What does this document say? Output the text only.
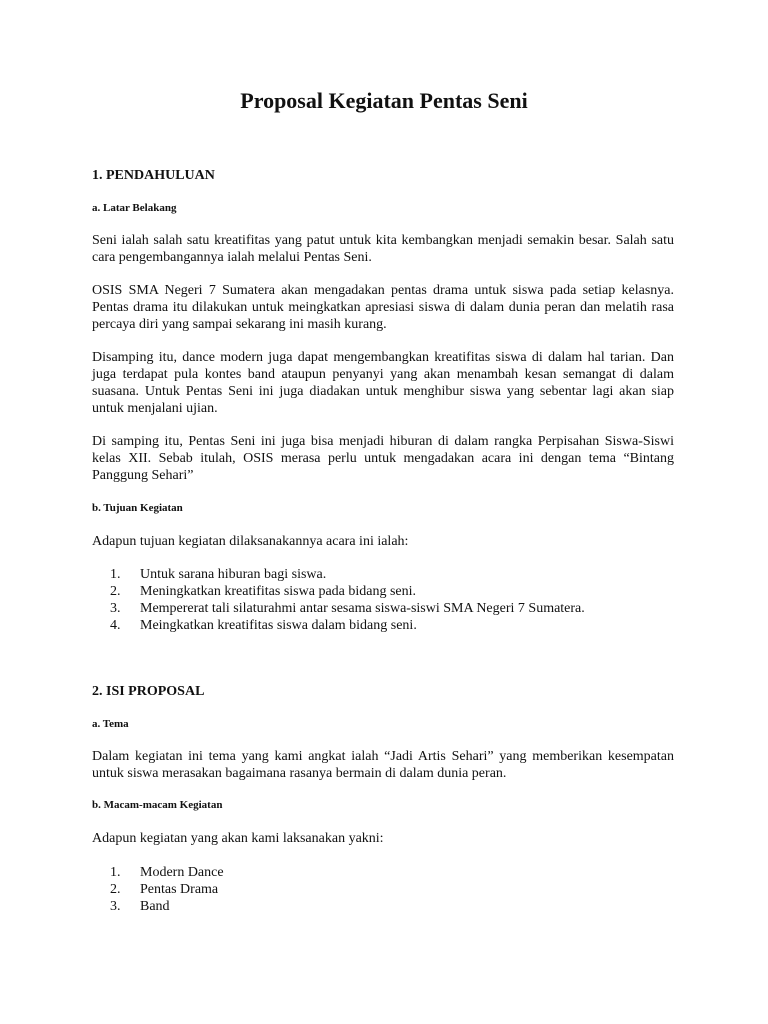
Proposal Kegiatan Pentas Seni
1. PENDAHULUAN
a. Latar Belakang

Seni ialah salah satu kreatifitas yang patut untuk kita kembangkan menjadi semakin besar. Salah satu cara pengembangannya ialah melalui Pentas Seni.

OSIS SMA Negeri 7 Sumatera akan mengadakan pentas drama untuk siswa pada setiap kelasnya. Pentas drama itu dilakukan untuk meingkatkan apresiasi siswa di dalam dunia peran dan melatih rasa percaya diri yang sampai sekarang ini masih kurang.

Disamping itu, dance modern juga dapat mengembangkan kreatifitas siswa di dalam hal tarian. Dan juga terdapat pula kontes band ataupun penyanyi yang akan menambah kesan semangat di dalam suasana. Untuk Pentas Seni ini juga diadakan untuk menghibur siswa yang sebentar lagi akan siap untuk menjalani ujian.

Di samping itu, Pentas Seni ini juga bisa menjadi hiburan di dalam rangka Perpisahan Siswa-Siswi kelas XII. Sebab itulah, OSIS merasa perlu untuk mengadakan acara ini dengan tema “Bintang Panggung Sehari”

b. Tujuan Kegiatan

Adapun tujuan kegiatan dilaksanakannya acara ini ialah:

1. Untuk sarana hiburan bagi siswa.
2. Meningkatkan kreatifitas siswa pada bidang seni.
3. Mempererat tali silaturahmi antar sesama siswa-siswi SMA Negeri 7 Sumatera.
4. Meingkatkan kreatifitas siswa dalam bidang seni.
2. ISI PROPOSAL
a. Tema

Dalam kegiatan ini tema yang kami angkat ialah “Jadi Artis Sehari” yang memberikan kesempatan untuk siswa merasakan bagaimana rasanya bermain di dalam dunia peran.

b. Macam-macam Kegiatan

Adapun kegiatan yang akan kami laksanakan yakni:

1. Modern Dance
2. Pentas Drama
3. Band
